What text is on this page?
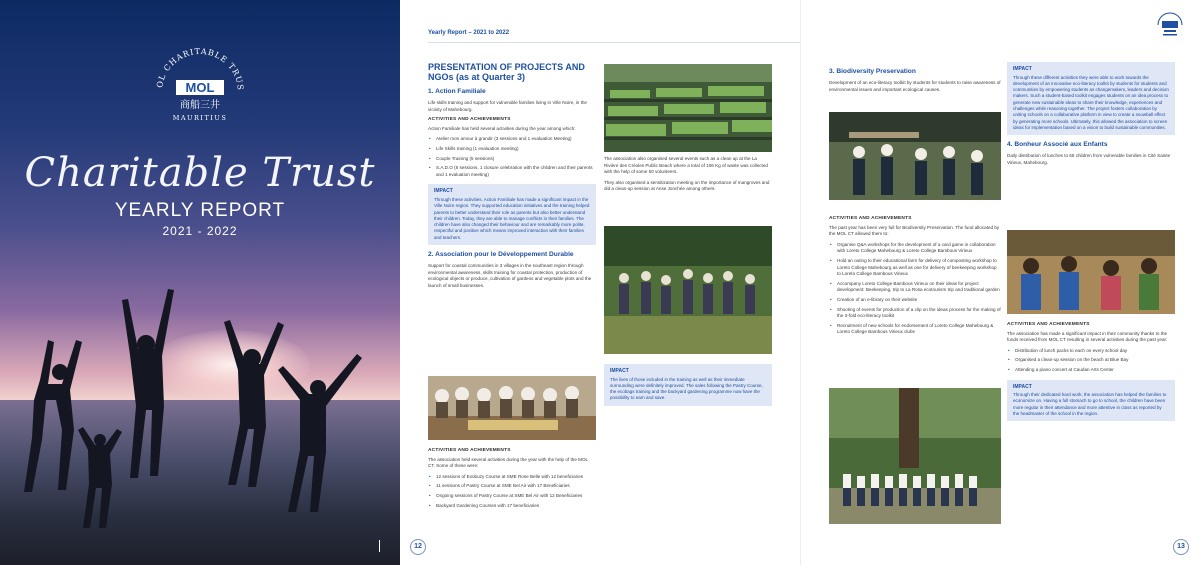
OL CHARITABLE TRUS
MOL
商船三井
MAURITIUS
Charitable Trust
YEARLY REPORT
2021 - 2022
Yearly Report – 2021 to 2022
PRESENTATION OF PROJECTS AND NGOs (as at Quarter 3)
1. Action Familiale

Life skills training and support for vulnerable families living in Ville Noire, in the vicinity of Mahebourg.

ACTIVITIES AND ACHIEVEMENTS

Action Familiale has held several activities during the year among which:

• Atelier mon amour à grandir (3 sessions and 1 evaluation Meeting)
• Life Skills training (1 evaluation meeting)
• Couple Training (5 sessions)
• S.A.D.O (8 sessions, 1 closure celebration with the children and their parents and 1 evaluation meeting)
IMPACT
Through these activities, Action Familiale has made a significant impact in the Ville Noire region. They supported education initiatives and the training helped parents to better understand their role as parents but also better understand their children. Today, they are able to manage conflicts in their families. The children have also changed their behaviour and are remarkably more polite, respectful and positive which means improved interaction with their families and teachers.
2. Association pour le Développement Durable

Support for coastal communities in 3 villages in the southeast region through environmental awareness, skills training for coastal protection, production of ecological objects or produce, cultivation of gardens and vegetable plots and the launch of small businesses.

ACTIVITIES AND ACHIEVEMENTS

The association held several activities during the year with the help of the MOL CT. Some of these were:

• 12 sessions of Exobuzy Course at SME Rose Belle with 12 beneficiaries
• 11 sessions of Pastry Course at SME Bel Air with 17 Beneficiaries
• Ongoing sessions of Pastry Course at SME Bel Air with 12 Beneficiaries
• Backyard Gardening Courses with 17 beneficiaries

The association also organised several events such as a clean up at the La Rivière des Créoles Public Beach where a total of 106 Kg of waste was collected with the help of some 50 volunteers.

They also organised a sensitization meeting on the importance of mangroves and did a clean-up session at Anse Jonchée among others.

IMPACT
The lives of those included in the training as well as their immediate surrounding were definitely improved. The sales following the Pastry Course, the ecobags training and the backyard gardening programme now have the possibility to earn and save.
12
3. Biodiversity Preservation

Development of an eco-literacy toolkit by students for students to raise awareness of environmental issues and important ecological causes.

ACTIVITIES AND ACHIEVEMENTS

The past year has been very full for Biodiversity Preservation. The fund allocated by the MOL CT allowed them to:

• Organise Q&A workshops for the development of a card game in collaboration with Loreto College Mahebourg & Loreto College Bambous Virieux
• Hold an outing to their educational farm for delivery of composting workshop to Loreto College Mahebourg as well as one for delivery of beekeeping workshop to Loreto College Bambous Virieux
• Accompany Loreto College Bambous Virieux on their ideas for project development: Beekeeping, trip to La Rosa ecotourism trip and traditional garden
• Creation of an e-library on their website
• Shooting of events for production of a clip on the ideas process for the making of the 3-fold eco-literacy toolkit
• Recruitment of new schools for endorsement of Loreto College Mahebourg & Loreto College Bambous Virieux clubs
IMPACT
Through these different activities they were able to work towards the development of an innovative eco-literacy toolkit by students for students and communities by empowering students as changemakers, leaders and decision makers. Such a student-based toolkit engages students on an idea process to generate new sustainable ideas to share their knowledge, experiences and challenges while reasoning together. The project fosters collaboration by uniting schools on a collaborative platform in view to create a snowball effect by generating more schools. Ultimately, this allowed the association to screen ideas for implementation based on a vision to build sustainable communities.
4. Bonheur Associé aux Enfants

Daily distribution of lunches to 65 children from vulnerable families in Cité Sainte Virieux, Mahebourg.

ACTIVITIES AND ACHIEVEMENTS

The association has made a significant impact in their community thanks to the funds received from MOL CT resulting in several activities during the past year:

• Distribution of lunch packs to each on every school day
• Organised a clean-up session on the beach at Blue Bay
• Attending a piano concert at Caudan Arts Center
IMPACT
Through their dedicated hard work, the association has helped the families to economize on. Having a full stomach to go to school, the children have been more regular in their attendance and more attentive in class as reported by the headmaster of the school in the region.
13
